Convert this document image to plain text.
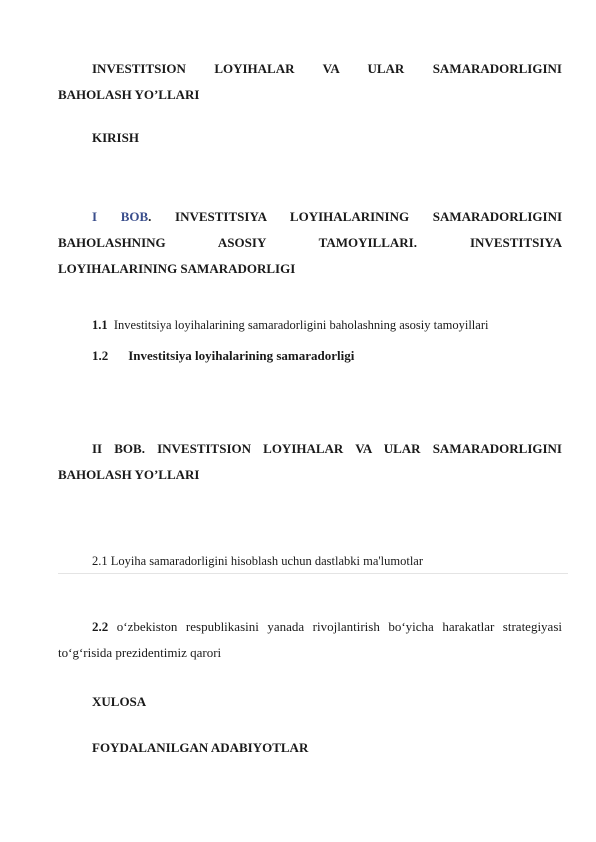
INVESTITSION LOYIHALAR VA ULAR SAMARADORLIGINI
BAHOLASH YO’LLARI
KIRISH
I BOB. INVESTITSIYA LOYIHALARINING SAMARADORLIGINI
BAHOLASHNING ASOSIY TAMOYILLARI. INVESTITSIYA
LOYIHALARINING SAMARADORLIGI
1.1 Investitsiya loyihalarining samaradorligini baholashning asosiy tamoyillari
1.2 Investitsiya loyihalarining samaradorligi
II BOB. INVESTITSION LOYIHALAR VA ULAR SAMARADORLIGINI
BAHOLASH YO’LLARI
2.1 Loyiha samaradorligini hisoblash uchun dastlabki ma'lumotlar
2.2 o‘zbekiston respublikasini yanada rivojlantirish bo‘yicha harakatlar strategiyasi
to‘g‘risida prezidentimiz qarori
XULOSA
FOYDALANILGAN ADABIYOTLAR
